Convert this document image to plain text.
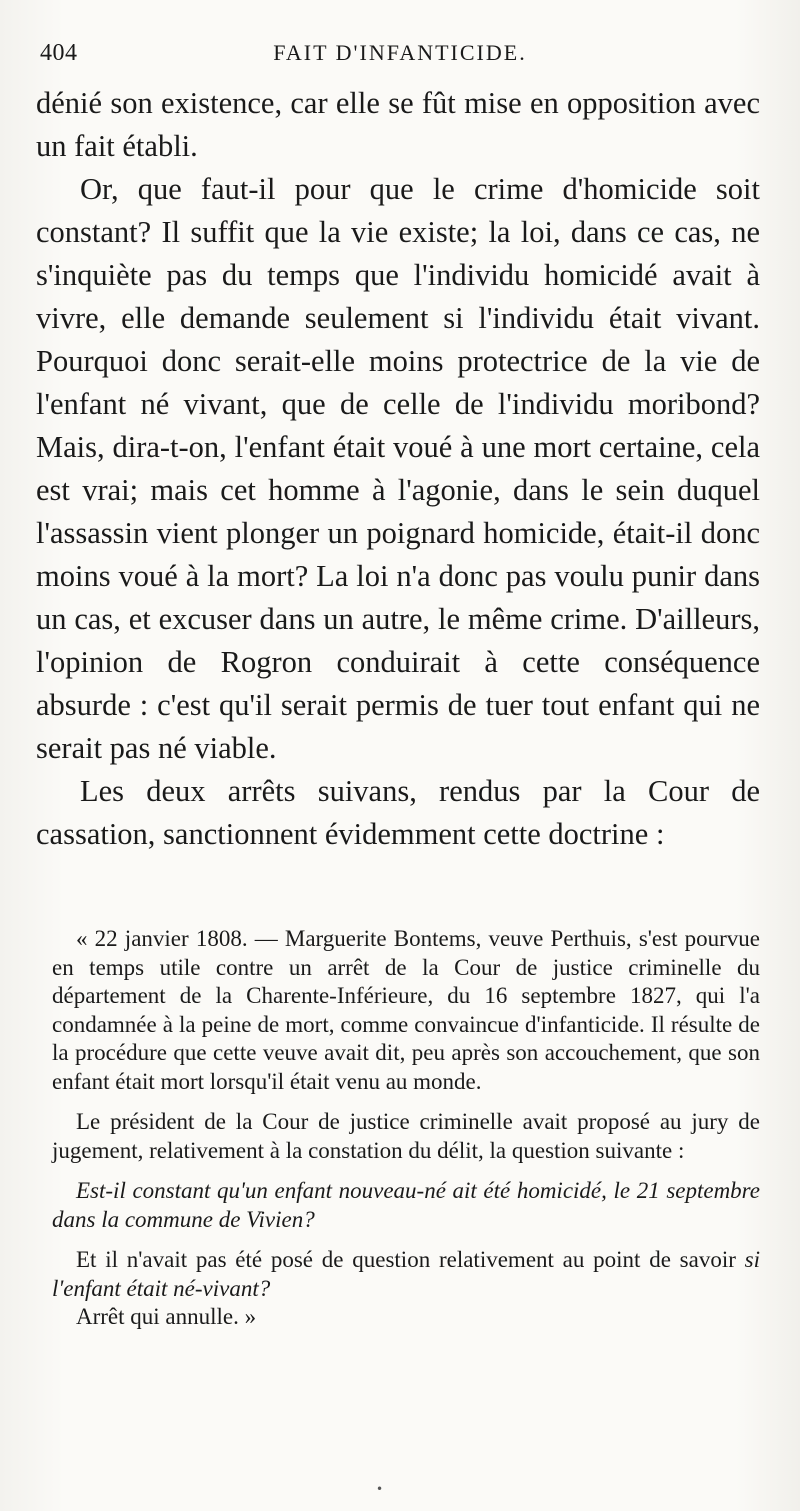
404	FAIT D'INFANTICIDE.

dénié son existence, car elle se fût mise en opposition avec un fait établi.

Or, que faut-il pour que le crime d'homicide soit constant? Il suffit que la vie existe; la loi, dans ce cas, ne s'inquiète pas du temps que l'individu homicidé avait à vivre, elle demande seulement si l'individu était vivant. Pourquoi donc serait-elle moins protectrice de la vie de l'enfant né vivant, que de celle de l'individu moribond? Mais, dira-t-on, l'enfant était voué à une mort certaine, cela est vrai; mais cet homme à l'agonie, dans le sein duquel l'assassin vient plonger un poignard homicide, était-il donc moins voué à la mort? La loi n'a donc pas voulu punir dans un cas, et excuser dans un autre, le même crime. D'ailleurs, l'opinion de Rogron conduirait à cette conséquence absurde : c'est qu'il serait permis de tuer tout enfant qui ne serait pas né viable.

Les deux arrêts suivans, rendus par la Cour de cassation, sanctionnent évidemment cette doctrine :

« 22 janvier 1808. — Marguerite Bontems, veuve Perthuis, s'est pourvue en temps utile contre un arrêt de la Cour de justice criminelle du département de la Charente-Inférieure, du 16 septembre 1827, qui l'a condamnée à la peine de mort, comme convaincue d'infanticide. Il résulte de la procédure que cette veuve avait dit, peu après son accouchement, que son enfant était mort lorsqu'il était venu au monde.

Le président de la Cour de justice criminelle avait proposé au jury de jugement, relativement à la constation du délit, la question suivante :

Est-il constant qu'un enfant nouveau-né ait été homicidé, le 21 septembre dans la commune de Vivien?

Et il n'avait pas été posé de question relativement au point de savoir si l'enfant était né-vivant?

Arrêt qui annulle. »

•
